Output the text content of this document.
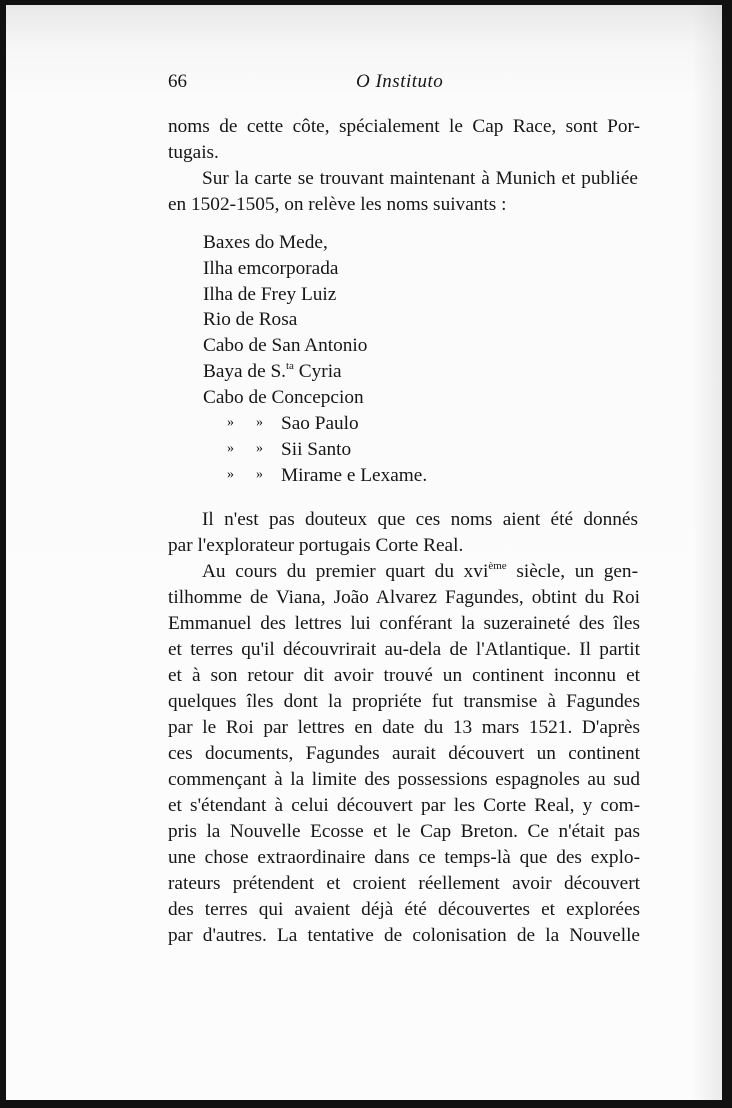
66	O Instituto
noms de cette côte, spécialement le Cap Race, sont Por-
tugais.
Sur la carte se trouvant maintenant à Munich et publiée
en 1502-1505, on relève les noms suivants :
Baxes do Mede,
Ilha emcorporada
Ilha de Frey Luiz
Rio de Rosa
Cabo de San Antonio
Baya de S.$^{ta}$ Cyria
Cabo de Concepcion
» » Sao Paulo
» » Sii Santo
» » Mirame e Lexame.
Il n'est pas douteux que ces noms aient été donnés
par l'explorateur portugais Corte Real.
Au cours du premier quart du xvi$^{ème}$ siècle, un gen-
tilhomme de Viana, João Alvarez Fagundes, obtint du Roi
Emmanuel des lettres lui conférant la suzeraineté des îles
et terres qu'il découvrirait au-dela de l'Atlantique. Il partit
et à son retour dit avoir trouvé un continent inconnu et
quelques îles dont la propriéte fut transmise à Fagundes
par le Roi par lettres en date du 13 mars 1521. D'après
ces documents, Fagundes aurait découvert un continent
commençant à la limite des possessions espagnoles au sud
et s'étendant à celui découvert par les Corte Real, y com-
pris la Nouvelle Ecosse et le Cap Breton. Ce n'était pas
une chose extraordinaire dans ce temps-là que des explo-
rateurs prétendent et croient réellement avoir découvert
des terres qui avaient déjà été découvertes et explorées
par d'autres. La tentative de colonisation de la Nouvelle
